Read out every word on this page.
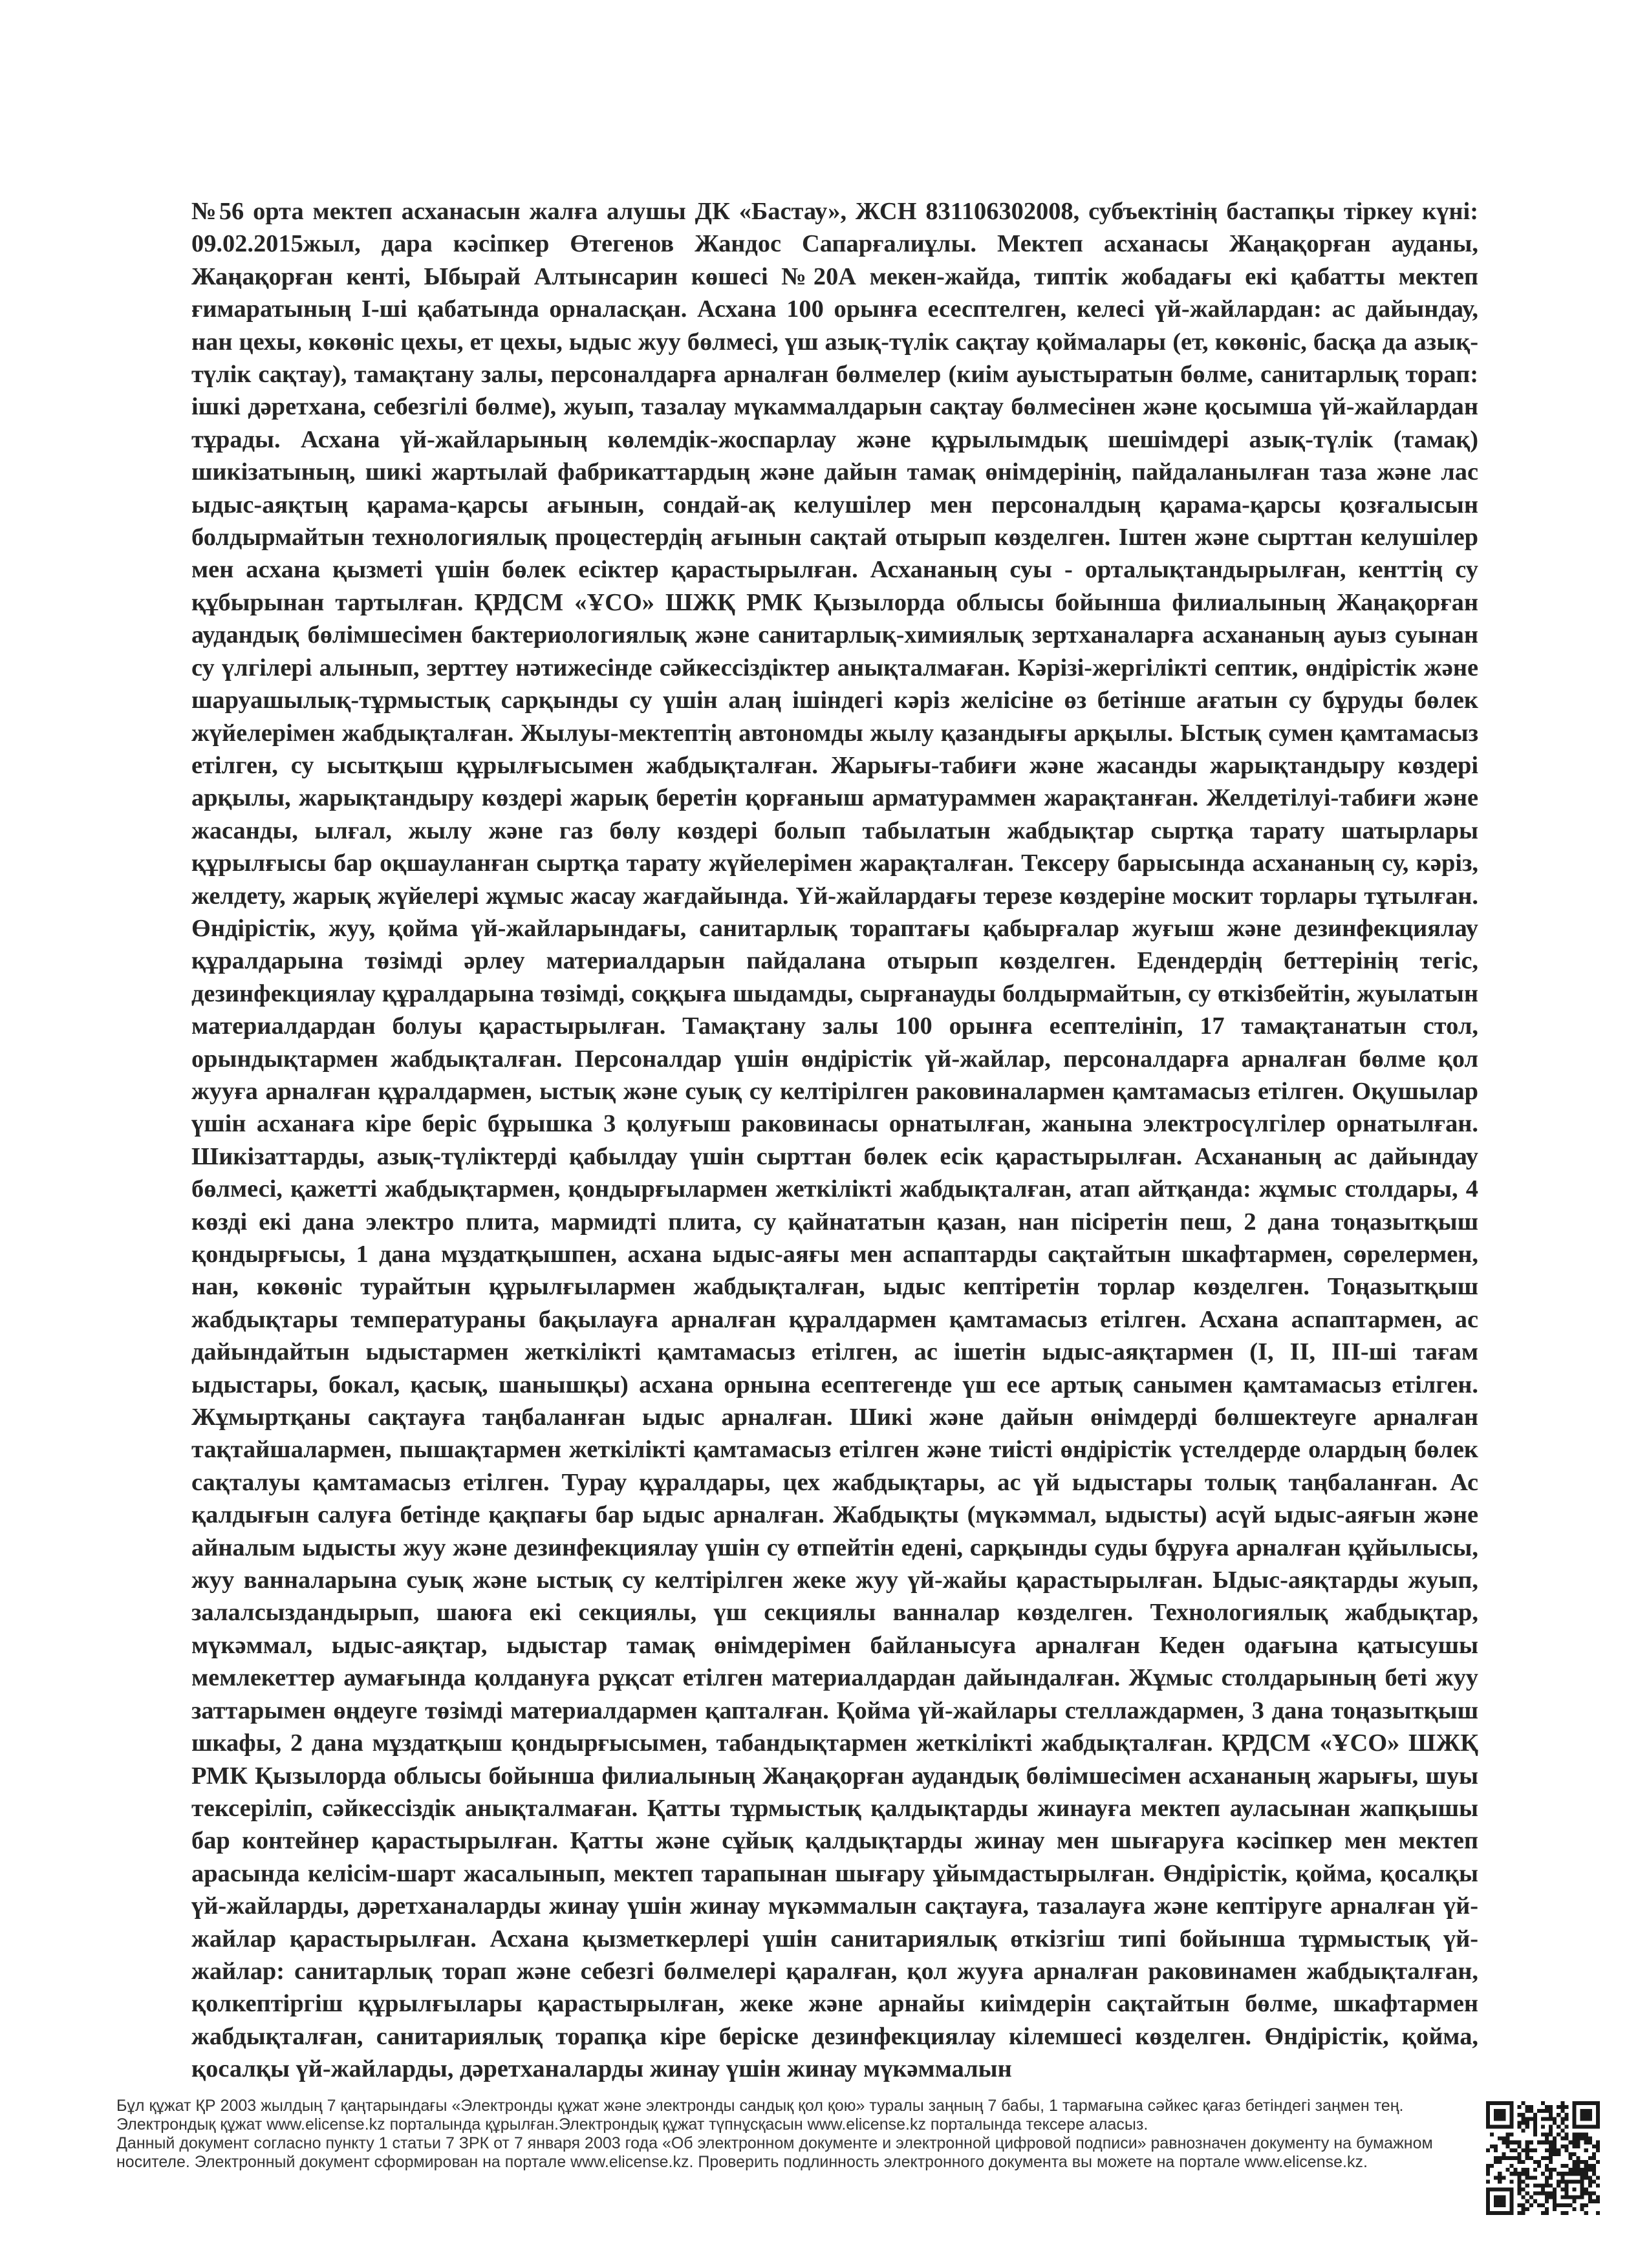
№56 орта мектеп асханасын жалға алушы ДК «Бастау», ЖСН 831106302008, субъектінің бастапқы тіркеу күні: 09.02.2015жыл, дара кәсіпкер Өтегенов Жандос Сапарғалиұлы. Мектеп асханасы Жаңақорған ауданы, Жаңақорған кенті, Ыбырай Алтынсарин көшесі №20А мекен-жайда, типтік жобадағы екі қабатты мектеп ғимаратының І-ші қабатында орналасқан. Асхана 100 орынға есесптелген, келесі үй-жайлардан: ас дайындау, нан цехы, көкөніс цехы, ет цехы, ыдыс жуу бөлмесі, үш азық-түлік сақтау қоймалары (ет, көкөніс, басқа да азық-түлік сақтау), тамақтану залы, персоналдарға арналған бөлмелер (киім ауыстыратын бөлме, санитарлық торап: ішкі дәретхана, себезгілі бөлме), жуып, тазалау мүкаммалдарын сақтау бөлмесінен және қосымша үй-жайлардан тұрады. Асхана үй-жайларының көлемдік-жоспарлау және құрылымдық шешімдері азық-түлік (тамақ) шикізатының, шикі жартылай фабрикаттардың және дайын тамақ өнімдерінің, пайдаланылған таза және лас ыдыс-аяқтың қарама-қарсы ағынын, сондай-ақ келушілер мен персоналдың қарама-қарсы қозғалысын болдырмайтын технологиялық процестердің ағынын сақтай отырып көзделген. Іштен және сырттан келушілер мен асхана қызметі үшін бөлек есіктер қарастырылған. Асхананың суы - орталықтандырылған, кенттің су құбырынан тартылған. ҚРДСМ «ҰСО» ШЖҚ РМК Қызылорда облысы бойынша филиалының Жаңақорған аудандық бөлімшесімен бактериологиялық және санитарлық-химиялық зертханаларға асхананың ауыз суынан су үлгілері алынып, зерттеу нәтижесінде сәйкессіздіктер анықталмаған. Кәрізі-жергілікті септик, өндірістік және шаруашылық-тұрмыстық сарқынды су үшін алаң ішіндегі кәріз желісіне өз бетінше ағатын су бұруды бөлек жүйелерімен жабдықталған. Жылуы-мектептің автономды жылу қазандығы арқылы. Ыстық сумен қамтамасыз етілген, су ысытқыш құрылғысымен жабдықталған. Жарығы-табиғи және жасанды жарықтандыру көздері арқылы, жарықтандыру көздері жарық беретін қорғаныш арматураммен жарақтанған. Желдетілуі-табиғи және жасанды, ылғал, жылу және газ бөлу көздері болып табылатын жабдықтар сыртқа тарату шатырлары құрылғысы бар оқшауланған сыртқа тарату жүйелерімен жарақталған. Тексеру барысында асхананың су, кәріз, желдету, жарық жүйелері жұмыс жасау жағдайында. Үй-жайлардағы терезе көздеріне москит торлары тұтылған. Өндірістік, жуу, қойма үй-жайларындағы, санитарлық тораптағы қабырғалар жуғыш және дезинфекциялау құралдарына төзімді әрлеу материалдарын пайдалана отырып көзделген. Едендердің беттерінің тегіс, дезинфекциялау құралдарына төзімді, соққыға шыдамды, сырғанауды болдырмайтын, су өткізбейтін, жуылатын материалдардан болуы қарастырылған. Тамақтану залы 100 орынға есептелініп, 17 тамақтанатын стол, орындықтармен жабдықталған. Персоналдар үшін өндірістік үй-жайлар, персоналдарға арналған бөлме қол жууға арналған құралдармен, ыстық және суық су келтірілген раковиналармен қамтамасыз етілген. Оқушылар үшін асханаға кіре беріс бұрышка 3 қолуғыш раковинасы орнатылған, жанына электросүлгілер орнатылған. Шикізаттарды, азық-түліктерді қабылдау үшін сырттан бөлек есік қарастырылған. Асхананың ас дайындау бөлмесі, қажетті жабдықтармен, қондырғылармен жеткілікті жабдықталған, атап айтқанда: жұмыс столдары, 4 көзді екі дана электро плита, мармидті плита, су қайнататын қазан, нан пісіретін пеш, 2 дана тоңазытқыш қондырғысы, 1 дана мұздатқышпен, асхана ыдыс-аяғы мен аспаптарды сақтайтын шкафтармен, сөрелермен, нан, көкөніс турайтын құрылғылармен жабдықталған, ыдыс кептіретін торлар көзделген. Тоңазытқыш жабдықтары температураны бақылауға арналған құралдармен қамтамасыз етілген. Асхана аспаптармен, ас дайындайтын ыдыстармен жеткілікті қамтамасыз етілген, ас ішетін ыдыс-аяқтармен (І, ІІ, ІІІ-ші тағам ыдыстары, бокал, қасық, шанышқы) асхана орнына есептегенде үш есе артық санымен қамтамасыз етілген. Жұмыртқаны сақтауға таңбаланған ыдыс арналған. Шикі және дайын өнімдерді бөлшектеуге арналған тақтайшалармен, пышақтармен жеткілікті қамтамасыз етілген және тиісті өндірістік үстелдерде олардың бөлек сақталуы қамтамасыз етілген. Турау құралдары, цех жабдықтары, ас үй ыдыстары толық таңбаланған. Ас қалдығын салуға бетінде қақпағы бар ыдыс арналған. Жабдықты (мүкәммал, ыдысты) асүй ыдыс-аяғын және айналым ыдысты жуу және дезинфекциялау үшін су өтпейтін едені, сарқынды суды бұруға арналған құйылысы, жуу ванналарына суық және ыстық су келтірілген жеке жуу үй-жайы қарастырылған. Ыдыс-аяқтарды жуып, залалсыздандырып, шаюға екі секциялы, үш секциялы ванналар көзделген. Технологиялық жабдықтар, мүкәммал, ыдыс-аяқтар, ыдыстар тамақ өнімдерімен байланысуға арналған Кеден одағына қатысушы мемлекеттер аумағында қолдануға рұқсат етілген материалдардан дайындалған. Жұмыс столдарының беті жуу заттарымен өңдеуге төзімді материалдармен қапталған. Қойма үй-жайлары стеллаждармен, 3 дана тоңазытқыш шкафы, 2 дана мұздатқыш қондырғысымен, табандықтармен жеткілікті жабдықталған. ҚРДСМ «ҰСО» ШЖҚ РМК Қызылорда облысы бойынша филиалының Жаңақорған аудандық бөлімшесімен асхананың жарығы, шуы тексеріліп, сәйкессіздік анықталмаған. Қатты тұрмыстық қалдықтарды жинауға мектеп ауласынан жапқышы бар контейнер қарастырылған. Қатты және сұйық қалдықтарды жинау мен шығаруға кәсіпкер мен мектеп арасында келісім-шарт жасалынып, мектеп тарапынан шығару ұйымдастырылған. Өндірістік, қойма, қосалқы үй-жайларды, дәретханаларды жинау үшін жинау мүкәммалын сақтауға, тазалауға және кептіруге арналған үй-жайлар қарастырылған. Асхана қызметкерлері үшін санитариялық өткізгіш типі бойынша тұрмыстық үй-жайлар: санитарлық торап және себезгі бөлмелері қаралған, қол жууға арналған раковинамен жабдықталған, қолкептіргіш құрылғылары қарастырылған, жеке және арнайы киімдерін сақтайтын бөлме, шкафтармен жабдықталған, санитариялық торапқа кіре беріске дезинфекциялау кілемшесі көзделген. Өндірістік, қойма, қосалқы үй-жайларды, дәретханаларды жинау үшін жинау мүкәммалын

Бұл құжат ҚР 2003 жылдың 7 қаңтарындағы «Электронды құжат және электронды сандық қол қою» туралы заңның 7 бабы, 1 тармағына сәйкес қағаз бетіндегі заңмен тең.
Электрондық құжат www.elicense.kz порталында құрылған.Электрондық құжат түпнұсқасын www.elicense.kz порталында тексере аласыз.
Данный документ согласно пункту 1 статьи 7 ЗРК от 7 января 2003 года «Об электронном документе и электронной цифровой подписи» равнозначен документу на бумажном
носителе. Электронный документ сформирован на портале www.elicense.kz. Проверить подлинность электронного документа вы можете на портале www.elicense.kz.
